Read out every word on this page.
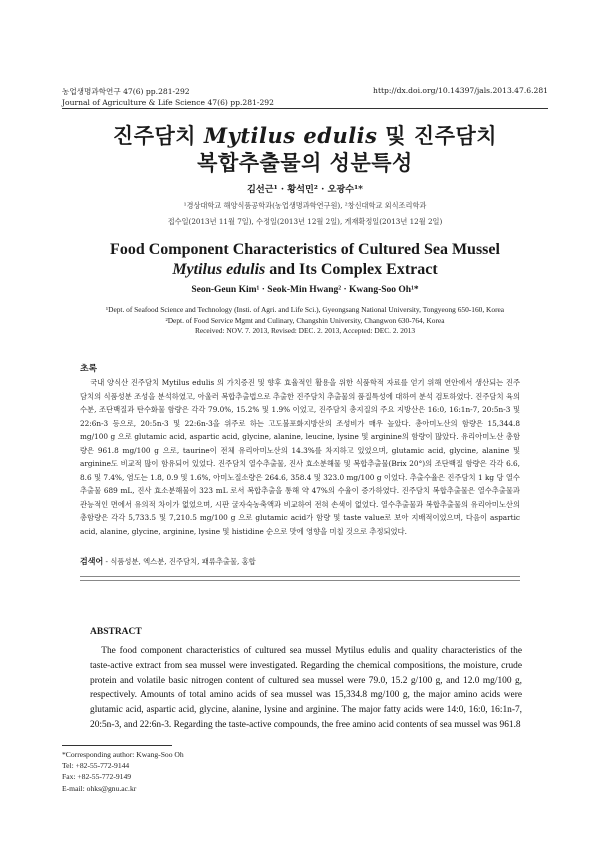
농업생명과학연구 47(6) pp.281-292
Journal of Agriculture & Life Science 47(6) pp.281-292
http://dx.doi.org/10.14397/jals.2013.47.6.281
진주담치 Mytilus edulis 및 진주담치
복합추출물의 성분특성
김선근¹ · 황석민² · 오광수¹*
¹경상대학교 해양식품공학과(농업생명과학연구원), ²창신대학교 외식조리학과
접수일(2013년 11월 7일), 수정일(2013년 12월 2일), 게재확정일(2013년 12월 2일)
Food Component Characteristics of Cultured Sea Mussel
Mytilus edulis and Its Complex Extract
Seon-Geun Kim¹ · Seok-Min Hwang² · Kwang-Soo Oh¹*
¹Dept. of Seafood Science and Technology (Insti. of Agri. and Life Sci.), Gyeongsang National University, Tongyeong 650-160, Korea
²Dept. of Food Service Mgmt and Culinary, Changshin University, Changwon 630-764, Korea
Received: NOV. 7. 2013, Revised: DEC. 2. 2013, Accepted: DEC. 2. 2013
초록
국내 양식산 진주담치 Mytilus edulis 의 가치증진 및 향후 효율적인 활용을 위한 식품학적 자료를 얻기 위해 연안에서 생산되는 진주담치의 식품성분 조성을 분석하였고, 아울러 복합추출법으로 추출한 진주담치 추출물의 품질특성에 대하여 분석 검토하였다. 진주담치 육의 수분, 조단백질과 탄수화물 함량은 각각 79.0%, 15.2% 및 1.9% 이었고, 진주담치 총지질의 주요 지방산은 16:0, 16:1n-7, 20:5n-3 및 22:6n-3 등으로, 20:5n-3 및 22:6n-3을 위주로 하는 고도불포화지방산의 조성비가 매우 높았다. 총아미노산의 함량은 15,344.8 mg/100 g 으로 glutamic acid, aspartic acid, glycine, alanine, leucine, lysine 및 arginine의 함량이 많았다. 유리아미노산 총함량은 961.8 mg/100 g 으로, taurine이 전체 유리아미노산의 14.3%를 차지하고 있었으며, glutamic acid, glycine, alanine 및 arginine도 비교적 많이 함유되어 있었다. 진주담치 열수추출물, 진사 효소분해물 및 복합추출물(Brix 20°)의 조단백질 함량은 각각 6.6, 8.6 및 7.4%, 염도는 1.8, 0.9 및 1.6%, 아미노질소량은 264.6, 358.4 및 323.0 mg/100 g 이었다. 추출수율은 진주담치 1 kg 당 열수추출물 689 mL, 진사 효소분해물이 323 mL 로서 복합추출을 통해 약 47%의 수율이 증가하였다. 진주담치 복합추출물은 열수추출물과 관능적인 면에서 유의적 차이가 없었으며, 시판 굴자숙농축액과 비교하여 전혀 손색이 없었다. 열수추출물과 복합추출물의 유리아미노산의 총함량은 각각 5,733.5 및 7,210.5 mg/100 g 으로 glutamic acid가 함량 및 taste value로 보아 지배적이었으며, 다음이 aspartic acid, alanine, glycine, arginine, lysine 및 histidine 순으로 맛에 영향을 미칠 것으로 추정되었다.
검색어 - 식품성분, 엑스분, 진주담치, 패류추출물, 홍합
ABSTRACT
The food component characteristics of cultured sea mussel Mytilus edulis and quality characteristics of the taste-active extract from sea mussel were investigated. Regarding the chemical compositions, the moisture, crude protein and volatile basic nitrogen content of cultured sea mussel were 79.0, 15.2 g/100 g, and 12.0 mg/100 g, respectively. Amounts of total amino acids of sea mussel was 15,334.8 mg/100 g, the major amino acids were glutamic acid, aspartic acid, glycine, alanine, lysine and arginine. The major fatty acids were 14:0, 16:0, 16:1n-7, 20:5n-3, and 22:6n-3. Regarding the taste-active compounds, the free amino acid contents of sea mussel was 961.8
*Corresponding author: Kwang-Soo Oh
Tel: +82-55-772-9144
Fax: +82-55-772-9149
E-mail: ohks@gnu.ac.kr
